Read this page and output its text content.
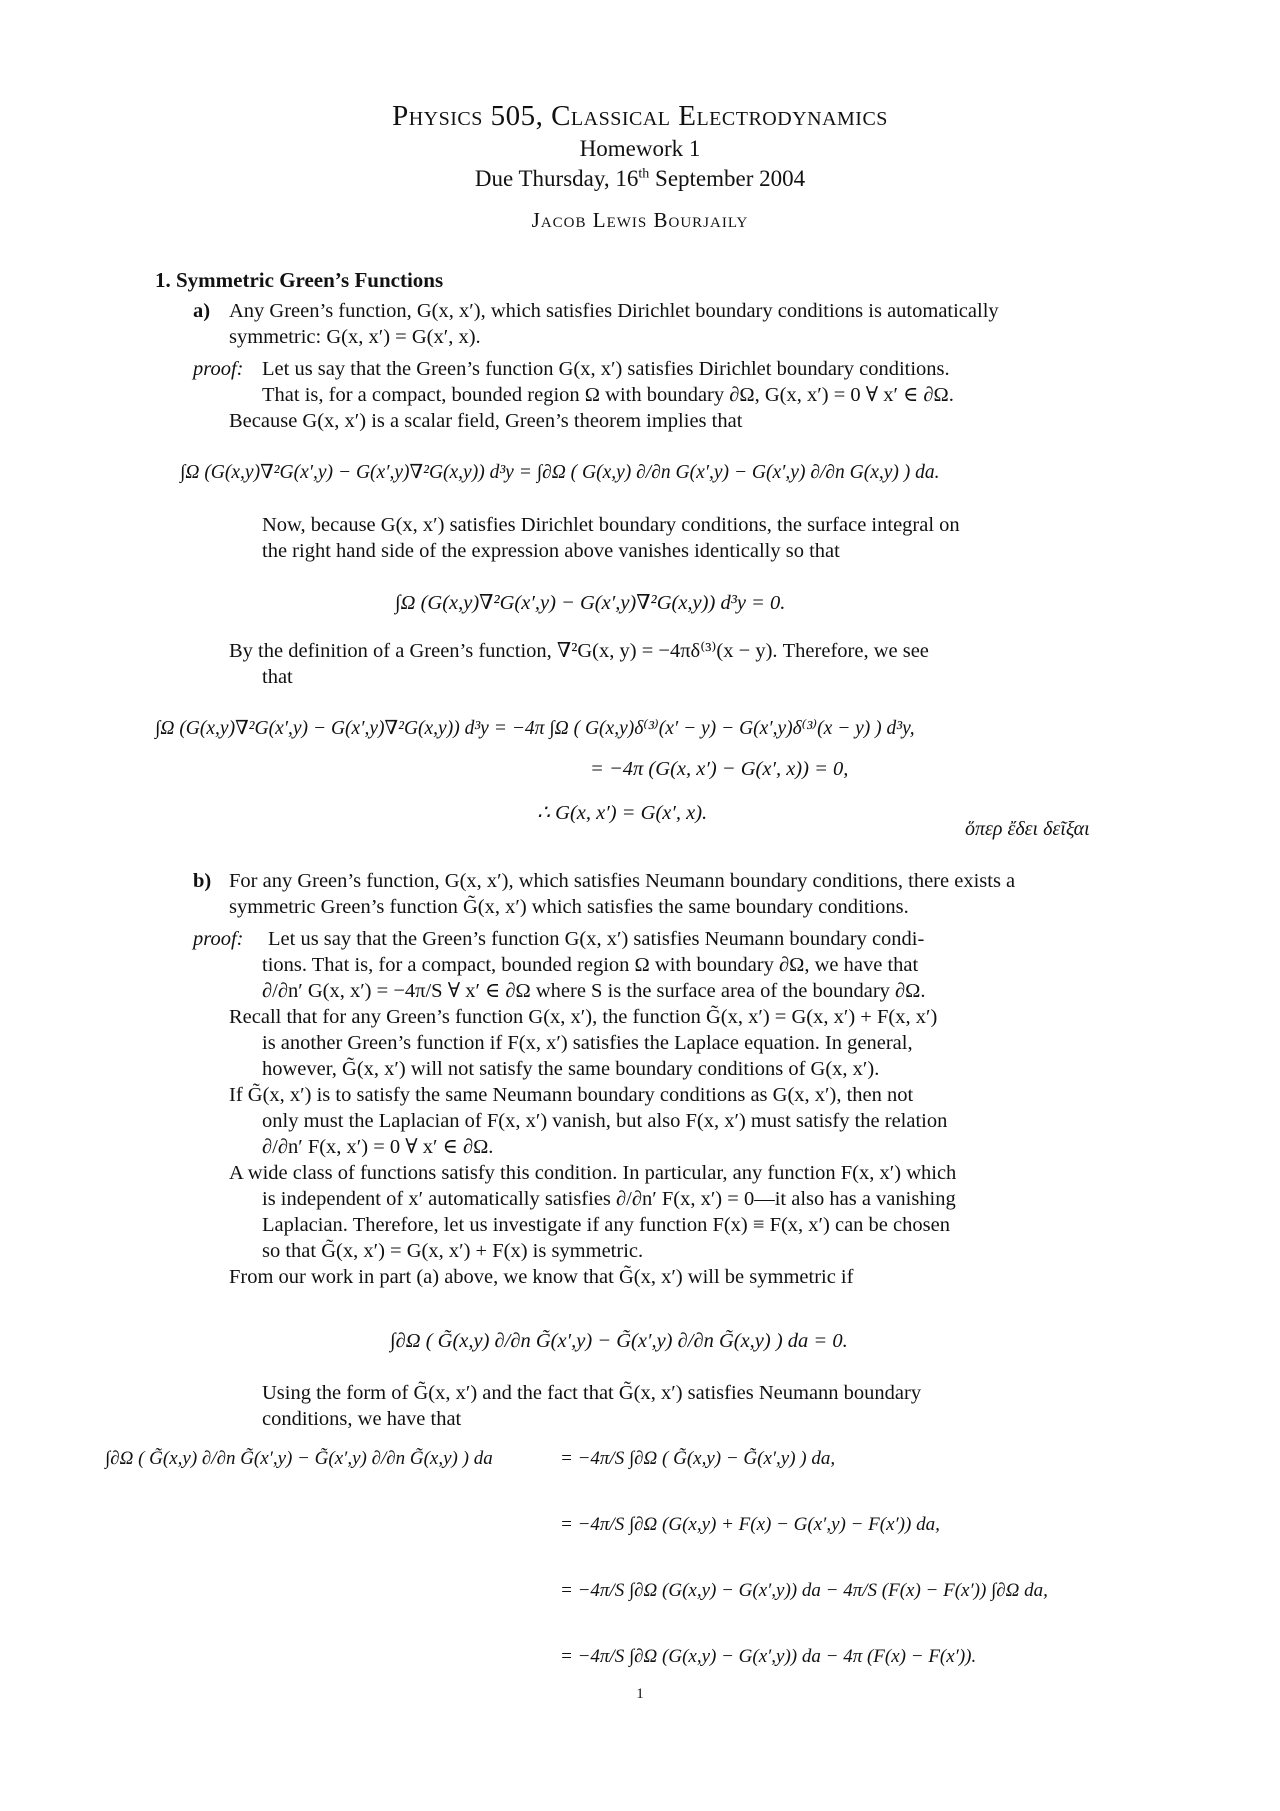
Physics 505, Classical Electrodynamics
Homework 1
Due Thursday, 16th September 2004
Jacob Lewis Bourjaily
1. Symmetric Green’s Functions
a) Any Green’s function, G(x, x′), which satisfies Dirichlet boundary conditions is automatically
symmetric: G(x, x′) = G(x′, x).
proof: Let us say that the Green’s function G(x, x′) satisfies Dirichlet boundary conditions.
That is, for a compact, bounded region Ω with boundary ∂Ω, G(x, x′) = 0 ∀ x′ ∈ ∂Ω.
Because G(x, x′) is a scalar field, Green’s theorem implies that
∫Ω (G(x,y)∇²G(x′,y) − G(x′,y)∇²G(x,y)) d³y = ∫∂Ω ( G(x,y) ∂/∂n G(x′,y) − G(x′,y) ∂/∂n G(x,y) ) da.
Now, because G(x, x′) satisfies Dirichlet boundary conditions, the surface integral on
the right hand side of the expression above vanishes identically so that
∫Ω (G(x,y)∇²G(x′,y) − G(x′,y)∇²G(x,y)) d³y = 0.
By the definition of a Green’s function, ∇²G(x, y) = −4πδ⁽³⁾(x − y). Therefore, we see
that
∫Ω (G(x,y)∇²G(x′,y) − G(x′,y)∇²G(x,y)) d³y = −4π ∫Ω ( G(x,y)δ⁽³⁾(x′ − y) − G(x′,y)δ⁽³⁾(x − y) ) d³y,
= −4π (G(x, x′) − G(x′, x)) = 0,
∴ G(x, x′) = G(x′, x).
ὅπερ ἔδει δεῖξαι
b) For any Green’s function, G(x, x′), which satisfies Neumann boundary conditions, there exists a
symmetric Green’s function G̃(x, x′) which satisfies the same boundary conditions.
proof: Let us say that the Green’s function G(x, x′) satisfies Neumann boundary condi-
tions. That is, for a compact, bounded region Ω with boundary ∂Ω, we have that
∂/∂n′ G(x, x′) = −4π/S ∀ x′ ∈ ∂Ω where S is the surface area of the boundary ∂Ω.
Recall that for any Green’s function G(x, x′), the function G̃(x, x′) = G(x, x′) + F(x, x′)
is another Green’s function if F(x, x′) satisfies the Laplace equation. In general,
however, G̃(x, x′) will not satisfy the same boundary conditions of G(x, x′).
If G̃(x, x′) is to satisfy the same Neumann boundary conditions as G(x, x′), then not
only must the Laplacian of F(x, x′) vanish, but also F(x, x′) must satisfy the relation
∂/∂n′ F(x, x′) = 0 ∀ x′ ∈ ∂Ω.
A wide class of functions satisfy this condition. In particular, any function F(x, x′) which
is independent of x′ automatically satisfies ∂/∂n′ F(x, x′) = 0—it also has a vanishing
Laplacian. Therefore, let us investigate if any function F(x) ≡ F(x, x′) can be chosen
so that G̃(x, x′) = G(x, x′) + F(x) is symmetric.
From our work in part (a) above, we know that G̃(x, x′) will be symmetric if
∫∂Ω ( G̃(x,y) ∂/∂n G̃(x′,y) − G̃(x′,y) ∂/∂n G̃(x,y) ) da = 0.
Using the form of G̃(x, x′) and the fact that G̃(x, x′) satisfies Neumann boundary
conditions, we have that
∫∂Ω ( G̃(x,y) ∂/∂n G̃(x′,y) − G̃(x′,y) ∂/∂n G̃(x,y) ) da	= −4π/S ∫∂Ω ( G̃(x,y) − G̃(x′,y) ) da,
= −4π/S ∫∂Ω (G(x,y) + F(x) − G(x′,y) − F(x′)) da,
= −4π/S ∫∂Ω (G(x,y) − G(x′,y)) da − 4π/S (F(x) − F(x′)) ∫∂Ω da,
= −4π/S ∫∂Ω (G(x,y) − G(x′,y)) da − 4π (F(x) − F(x′)).
1
